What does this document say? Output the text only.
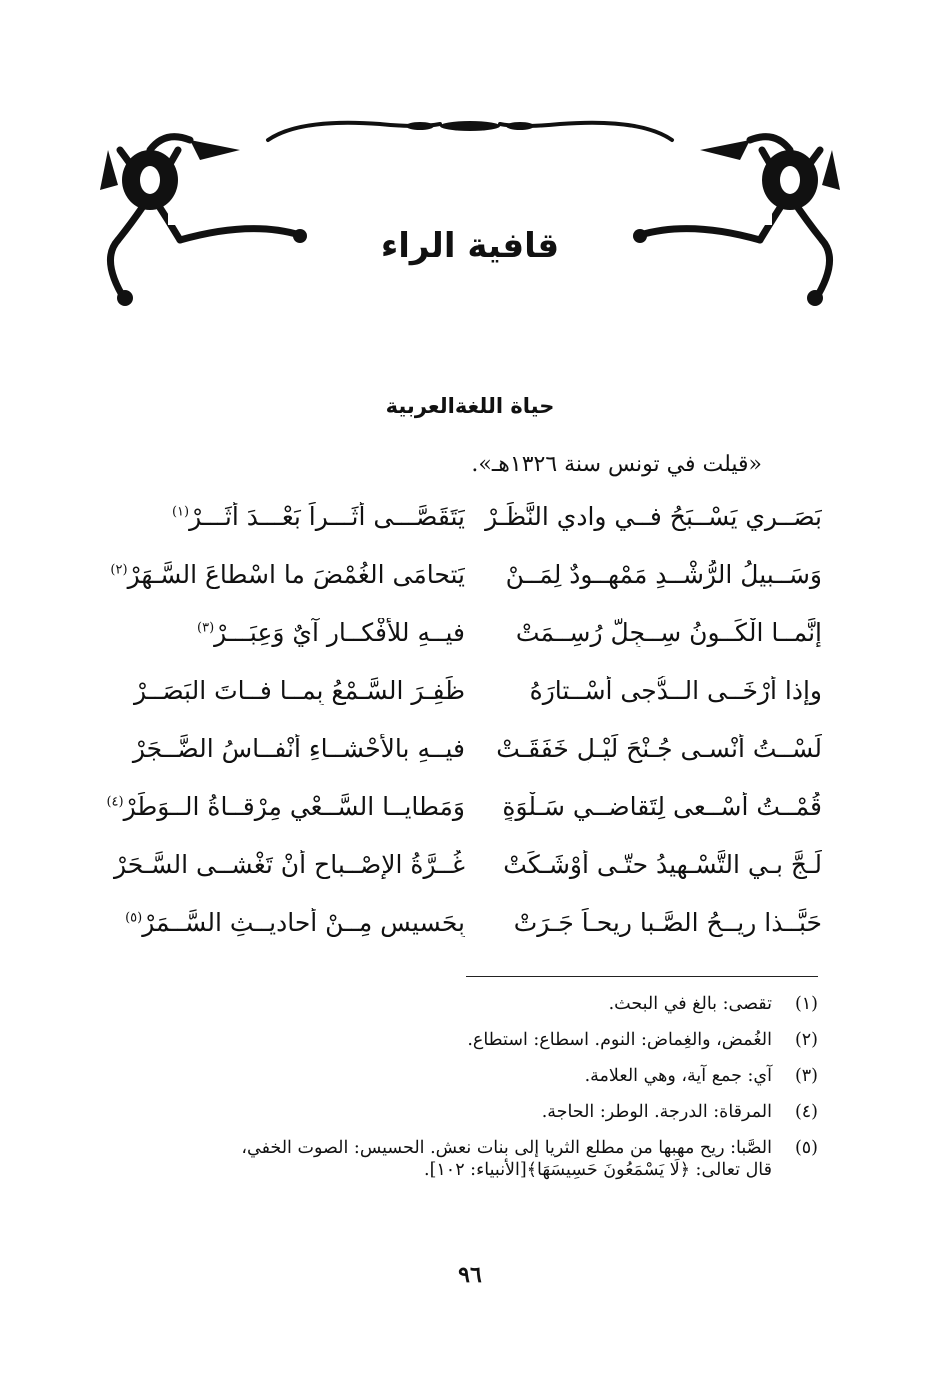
قافية الراء
حياة اللغةالعربية
«قيلت في تونس سنة ١٣٢٦هـ».
بَصَــري يَسْــبَحُ فــي وادي النَّظَـرْ
يَتَقَصَّـــى أثَـــراً بَعْـــدَ أثَـــرْ$^{(١)}$
وَسَــبيلُ الرُّشْــدِ مَمْهــودٌ لِمَــنْ
يَتحامَى الغُمْضَ ما اسْطاعَ السَّـهَرْ$^{(٢)}$
إنَّمــا الْكَــونُ سِــجِلٌّ رُسِــمَتْ
فيــهِ للأفْكــارِ آيٌ وَعِبَـــرْ$^{(٣)}$
وإذا أَرْخَــى الــدُّجى أَسْــتارَهُ
ظَفِـرَ السَّـمْعُ بِمــا فــاتَ البَصَــرْ
لَسْــتُ أنْسـى جُـنْحَ لَيْـلٍ خَفَقَـتْ
فيــهِ بالأحْشــاءِ أنْفــاسُ الضَّــجَرْ
قُمْــتُ أَسْــعى لِتَقاضــي سَـلْوَةٍ
وَمَطايــا السَّــعْيِ مِرْقــاةُ الــوَطَرْ$^{(٤)}$
لَـجَّ بـي التَّسْـهيدُ حتّـى أَوْشَـكَتْ
غُــرَّةُ الإصْــباحِ أنْ تَغْشــى السَّـحَرْ
حَبَّــذا ريــحُ الصَّـبا ريحـاً جَـرَتْ
بِحَسيسٍ مِــنْ أحاديــثِ السَّــمَرْ$^{(٥)}$
(١)
تقصى: بالغ في البحث.
(٢)
الغُمض، والغِماض: النوم. اسطاع: استطاع.
(٣)
آي: جمع آية، وهي العلامة.
(٤)
المرقاة: الدرجة. الوطر: الحاجة.
(٥)
الصَّبا: ريح مهبها من مطلع الثريا إلى بنات نعش. الحسيس: الصوت الخفي،
قال تعالى: ﴿لَا يَسْمَعُونَ حَسِيسَهَا﴾[الأنبياء: ١٠٢].
٩٦
